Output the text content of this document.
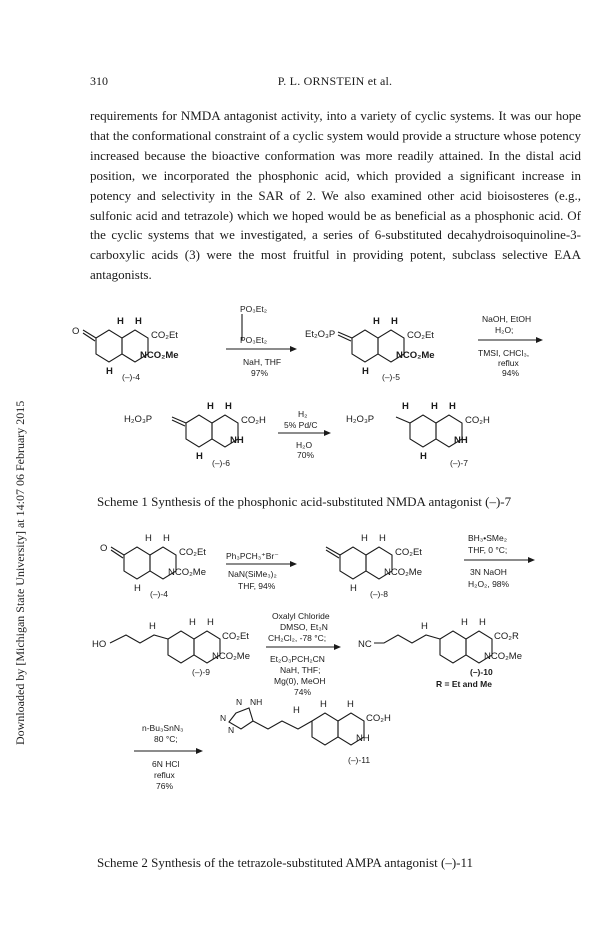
310	P. L. ORNSTEIN et al.
requirements for NMDA antagonist activity, into a variety of cyclic systems. It was our hope that the conformational constraint of a cyclic system would provide a structure whose potency increased because the bioactive conformation was more readily attained. In the distal acid position, we incorporated the phosphonic acid, which provided a significant increase in potency and selectivity in the SAR of 2. We also examined other acid bioisosteres (e.g., sulfonic acid and tetrazole) which we hoped would be as beneficial as a phosphonic acid. Of the cyclic systems that we investigated, a series of 6-substituted decahydroisoquinoline-3-carboxylic acids (3) were the most fruitful in providing potent, subclass selective EAA antagonists.
Downloaded by [Michigan State University] at 14:07 06 February 2015
O
H H
H
CO₂Et
NCO₂Me
(–)-4
PO₃Et₂
PO₃Et₂
NaH, THF
97%
Et₂O₃P
H H
H
CO₂Et
NCO₂Me
(–)-5
NaOH, EtOH
H₂O;
TMSI, CHCl₃,
reflux
94%
H₂O₃P
H H
H
CO₂H
NH
(–)-6
H₂
5% Pd/C
H₂O
70%
H₂O₃P
H H H
H
CO₂H
NH
(–)-7
Scheme 1 Synthesis of the phosphonic acid-substituted NMDA antagonist (–)-7
O
H H
H
CO₂Et
NCO₂Me
(–)-4
Ph₃PCH₃⁺Br⁻
NaN(SiMe₃)₂
THF, 94%
H H
H
CO₂Et
NCO₂Me
(–)-8
BH₃•SMe₂
THF, 0 °C;
3N NaOH
H₂O₂, 98%
HO
H	H H
CO₂Et
NCO₂Me
(–)-9
Oxalyl Chloride
DMSO, Et₃N
CH₂Cl₂, -78 °C;
Et₂O₃PCH₂CN
NaH, THF;
Mg(0), MeOH
74%
NC
H	H H
CO₂R
NCO₂Me
(–)-10
R = Et and Me
n-Bu₃SnN₃
80 °C;
6N HCl
reflux
76%
N NH
N
N
H
H H
CO₂H
NH
(–)-11
Scheme 2 Synthesis of the tetrazole-substituted AMPA antagonist (–)-11
